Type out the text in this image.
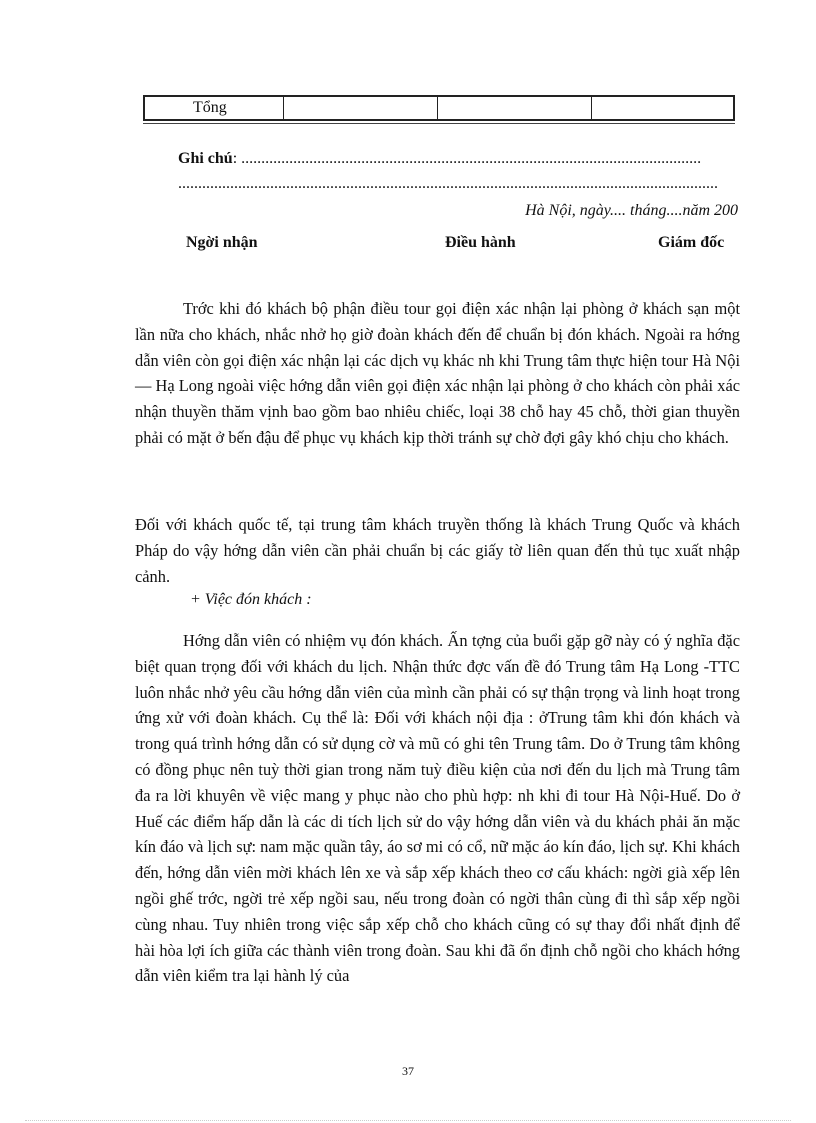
Tổng
Ghi chú: ...................................................................................................................
.......................................................................................................................................
Hà Nội, ngày.... tháng....năm 200
Ngời nhận	Điều hành	Giám đốc
Trớc khi đó khách bộ phận điều tour gọi điện xác nhận lại phòng ở khách sạn một lần nữa cho khách, nhắc nhở họ giờ đoàn khách đến để chuẩn bị đón khách. Ngoài ra hớng dẫn viên còn gọi điện xác nhận lại các dịch vụ khác nh khi Trung tâm thực hiện tour Hà Nội — Hạ Long ngoài việc hớng dẫn viên gọi điện xác nhận lại phòng ở cho khách còn phải xác nhận thuyền thăm vịnh bao gồm bao nhiêu chiếc, loại 38 chỗ hay 45 chỗ, thời gian thuyền phải có mặt ở bến đậu để phục vụ khách kịp thời tránh sự chờ đợi gây khó chịu cho khách.
Đối với khách quốc tế, tại trung tâm khách truyền thống là khách Trung Quốc và khách Pháp do vậy hớng dẫn viên cần phải chuẩn bị các giấy tờ liên quan đến thủ tục xuất nhập cảnh.
+ Việc đón khách :
Hớng dẫn viên có nhiệm vụ đón khách. Ấn tợng của buổi gặp gỡ này có ý nghĩa đặc biệt quan trọng đối với khách du lịch. Nhận thức đợc vấn đề đó Trung tâm Hạ Long -TTC luôn nhắc nhở yêu cầu hớng dẫn viên của mình cần phải có sự thận trọng và linh hoạt trong ứng xử với đoàn khách. Cụ thể là: Đối với khách nội địa : ởTrung tâm khi đón khách và trong quá trình hớng dẫn có sử dụng cờ và mũ có ghi tên Trung tâm. Do ở Trung tâm không có đồng phục nên tuỳ thời gian trong năm tuỳ điều kiện của nơi đến du lịch mà Trung tâm đa ra lời khuyên về việc mang y phục nào cho phù hợp: nh khi đi tour Hà Nội-Huế. Do ở Huế các điểm hấp dẫn là các di tích lịch sử do vậy hớng dẫn viên và du khách phải ăn mặc kín đáo và lịch sự: nam mặc quần tây, áo sơ mi có cổ, nữ mặc áo kín đáo, lịch sự. Khi khách đến, hớng dẫn viên mời khách lên xe và sắp xếp khách theo cơ cấu khách: ngời già xếp lên ngồi ghế trớc, ngời trẻ xếp ngồi sau, nếu trong đoàn có ngời thân cùng đi thì sắp xếp ngồi cùng nhau. Tuy nhiên trong việc sắp xếp chỗ cho khách cũng có sự thay đổi nhất định để hài hòa lợi ích giữa các thành viên trong đoàn. Sau khi đã ổn định chỗ ngồi cho khách hớng dẫn viên kiểm tra lại hành lý của
37
